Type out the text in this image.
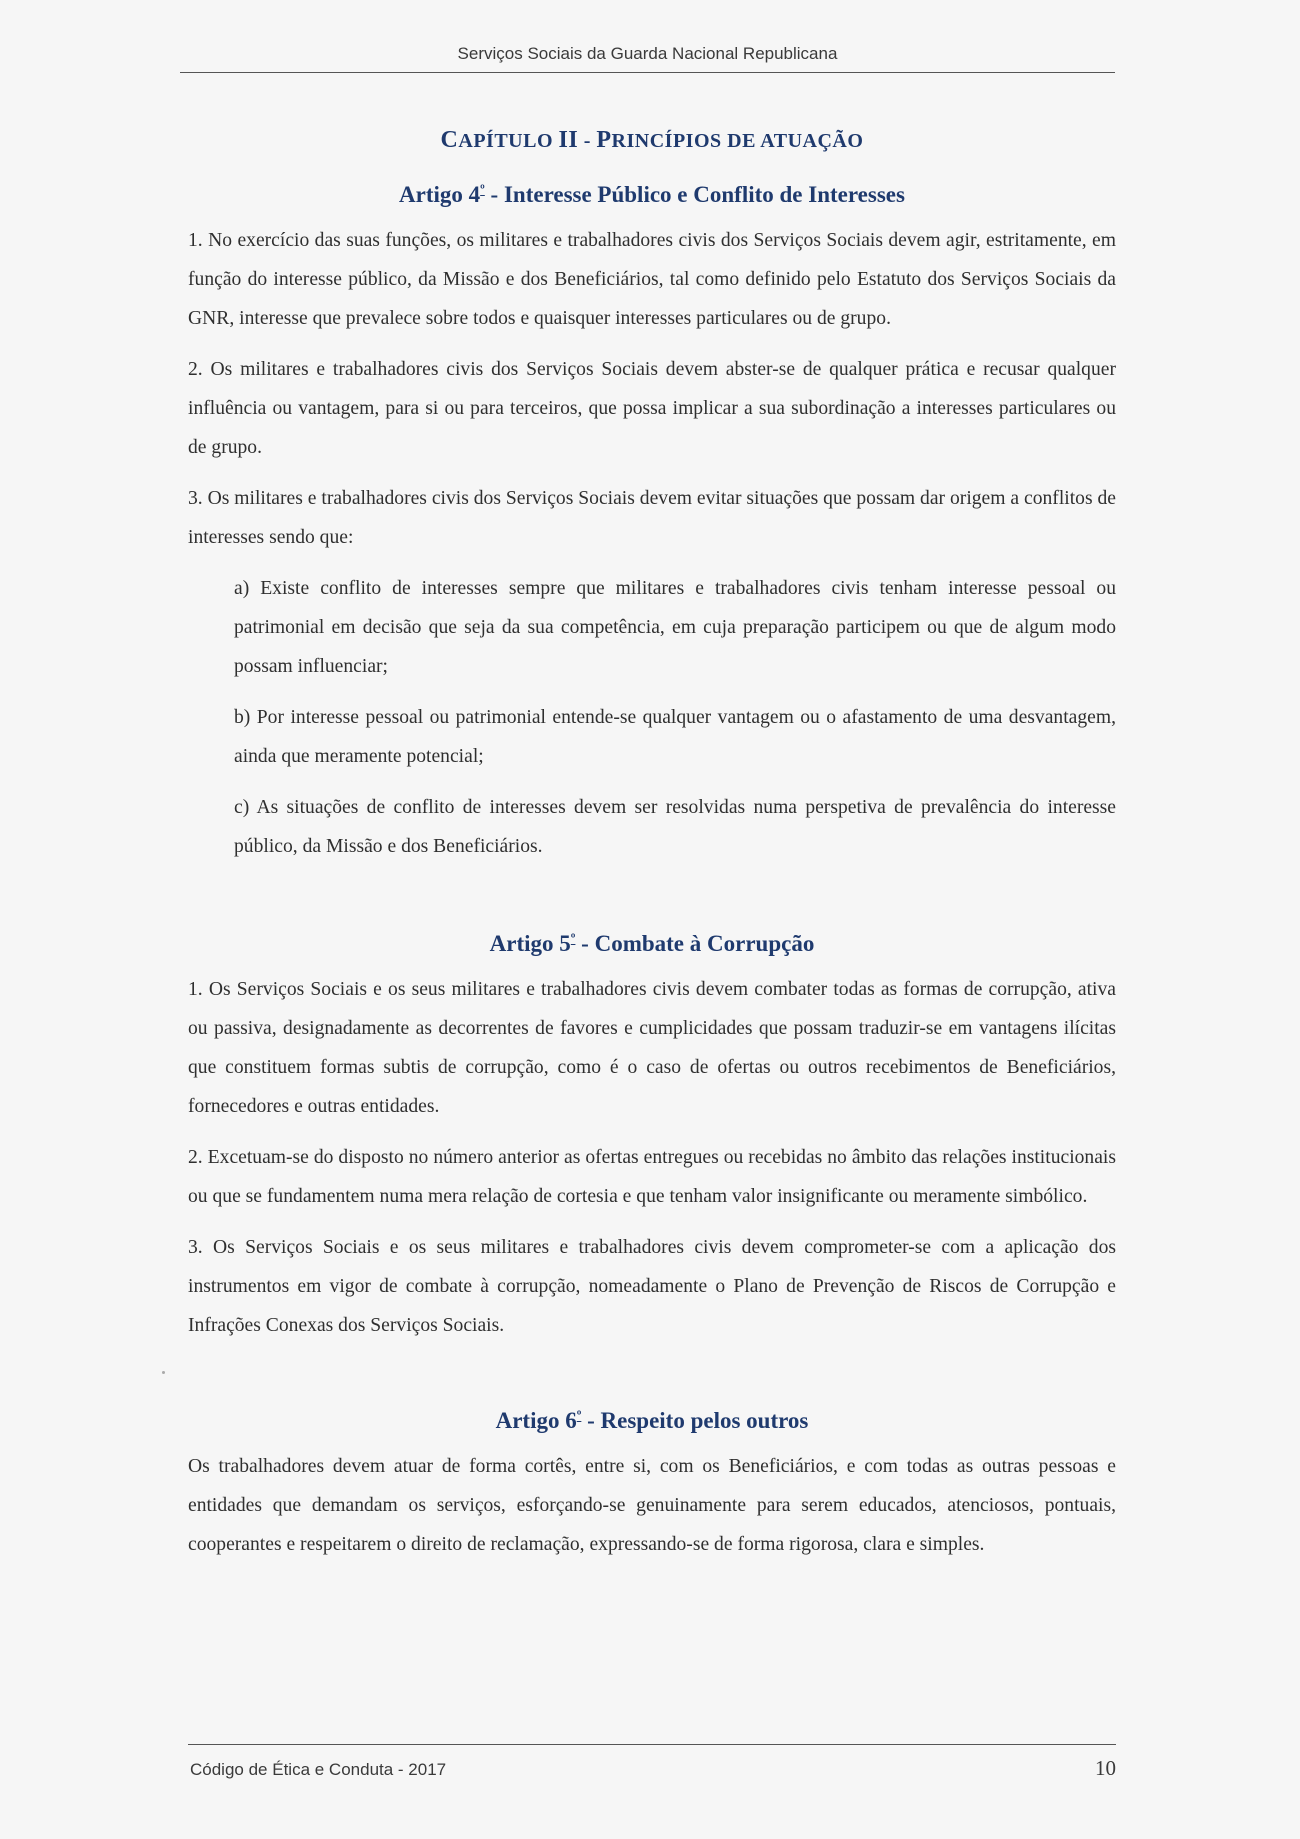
Serviços Sociais da Guarda Nacional Republicana
CAPÍTULO II - PRINCÍPIOS DE ATUAÇÃO
Artigo $4^º$ - Interesse Público e Conflito de Interesses

1. No exercício das suas funções, os militares e trabalhadores civis dos Serviços Sociais devem agir, estritamente, em função do interesse público, da Missão e dos Beneficiários, tal como definido pelo Estatuto dos Serviços Sociais da GNR, interesse que prevalece sobre todos e quaisquer interesses particulares ou de grupo.

2. Os militares e trabalhadores civis dos Serviços Sociais devem abster-se de qualquer prática e recusar qualquer influência ou vantagem, para si ou para terceiros, que possa implicar a sua subordinação a interesses particulares ou de grupo.

3. Os militares e trabalhadores civis dos Serviços Sociais devem evitar situações que possam dar origem a conflitos de interesses sendo que:

a) Existe conflito de interesses sempre que militares e trabalhadores civis tenham interesse pessoal ou patrimonial em decisão que seja da sua competência, em cuja preparação participem ou que de algum modo possam influenciar;

b) Por interesse pessoal ou patrimonial entende-se qualquer vantagem ou o afastamento de uma desvantagem, ainda que meramente potencial;

c) As situações de conflito de interesses devem ser resolvidas numa perspetiva de prevalência do interesse público, da Missão e dos Beneficiários.

Artigo $5^º$ - Combate à Corrupção

1. Os Serviços Sociais e os seus militares e trabalhadores civis devem combater todas as formas de corrupção, ativa ou passiva, designadamente as decorrentes de favores e cumplicidades que possam traduzir-se em vantagens ilícitas que constituem formas subtis de corrupção, como é o caso de ofertas ou outros recebimentos de Beneficiários, fornecedores e outras entidades.

2. Excetuam-se do disposto no número anterior as ofertas entregues ou recebidas no âmbito das relações institucionais ou que se fundamentem numa mera relação de cortesia e que tenham valor insignificante ou meramente simbólico.

3. Os Serviços Sociais e os seus militares e trabalhadores civis devem comprometer-se com a aplicação dos instrumentos em vigor de combate à corrupção, nomeadamente o Plano de Prevenção de Riscos de Corrupção e Infrações Conexas dos Serviços Sociais.

Artigo $6^º$ - Respeito pelos outros

Os trabalhadores devem atuar de forma cortês, entre si, com os Beneficiários, e com todas as outras pessoas e entidades que demandam os serviços, esforçando-se genuinamente para serem educados, atenciosos, pontuais, cooperantes e respeitarem o direito de reclamação, expressando-se de forma rigorosa, clara e simples.

Código de Ética e Conduta - 2017	10
